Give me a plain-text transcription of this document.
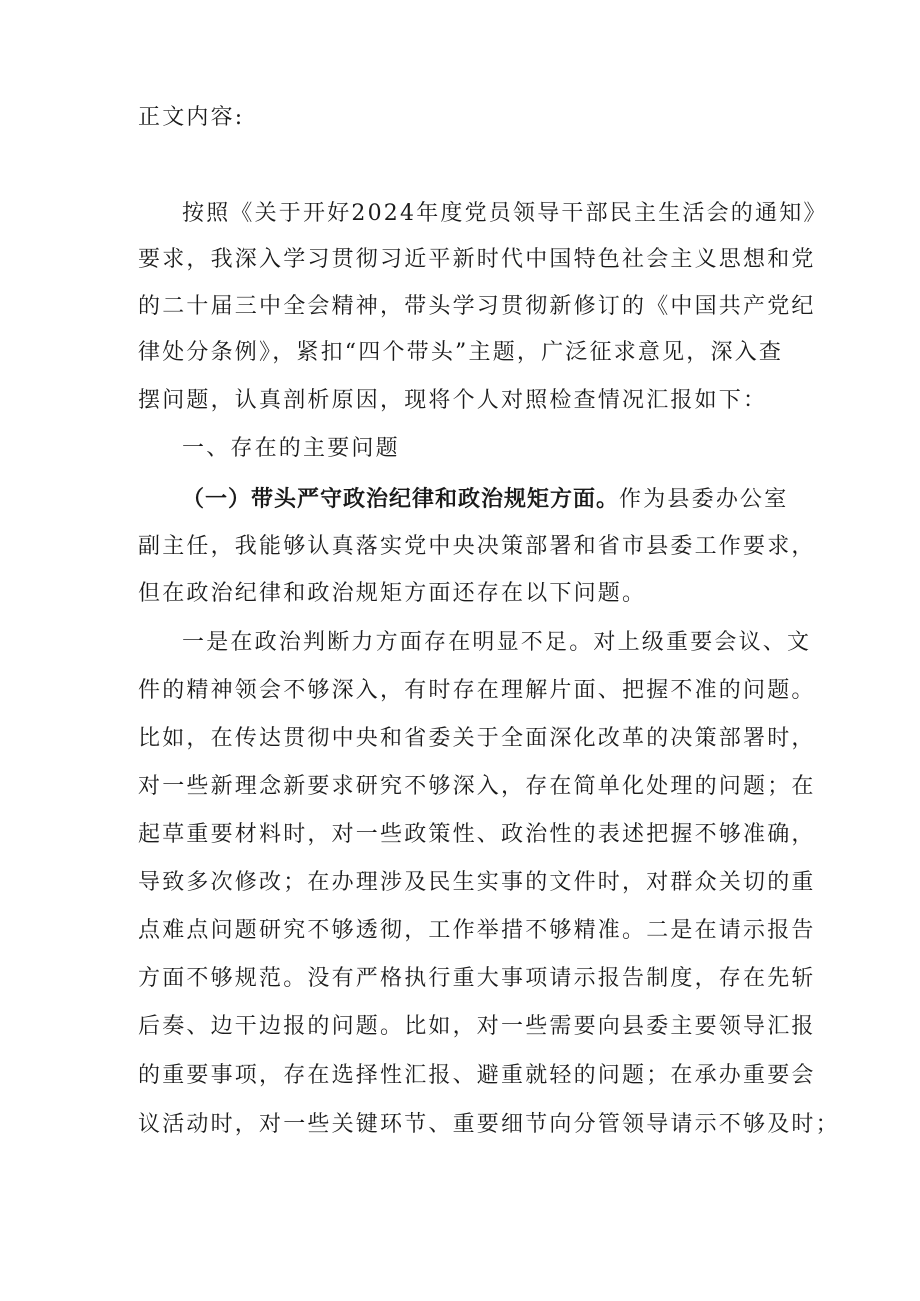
正文内容:

按照《关于开好2024年度党员领导干部民主生活会的通知》

要求，我深入学习贯彻习近平新时代中国特色社会主义思想和党

的二十届三中全会精神，带头学习贯彻新修订的《中国共产党纪

律处分条例》，紧扣“四个带头”主题，广泛征求意见，深入查

摆问题，认真剖析原因，现将个人对照检查情况汇报如下：

一、存在的主要问题

（一）带头严守政治纪律和政治规矩方面。作为县委办公室

副主任，我能够认真落实党中央决策部署和省市县委工作要求，

但在政治纪律和政治规矩方面还存在以下问题。

一是在政治判断力方面存在明显不足。对上级重要会议、文

件的精神领会不够深入，有时存在理解片面、把握不准的问题。

比如，在传达贯彻中央和省委关于全面深化改革的决策部署时，

对一些新理念新要求研究不够深入，存在简单化处理的问题；在

起草重要材料时，对一些政策性、政治性的表述把握不够准确，

导致多次修改；在办理涉及民生实事的文件时，对群众关切的重

点难点问题研究不够透彻，工作举措不够精准。二是在请示报告

方面不够规范。没有严格执行重大事项请示报告制度，存在先斩

后奏、边干边报的问题。比如，对一些需要向县委主要领导汇报

的重要事项，存在选择性汇报、避重就轻的问题；在承办重要会

议活动时，对一些关键环节、重要细节向分管领导请示不够及时；
